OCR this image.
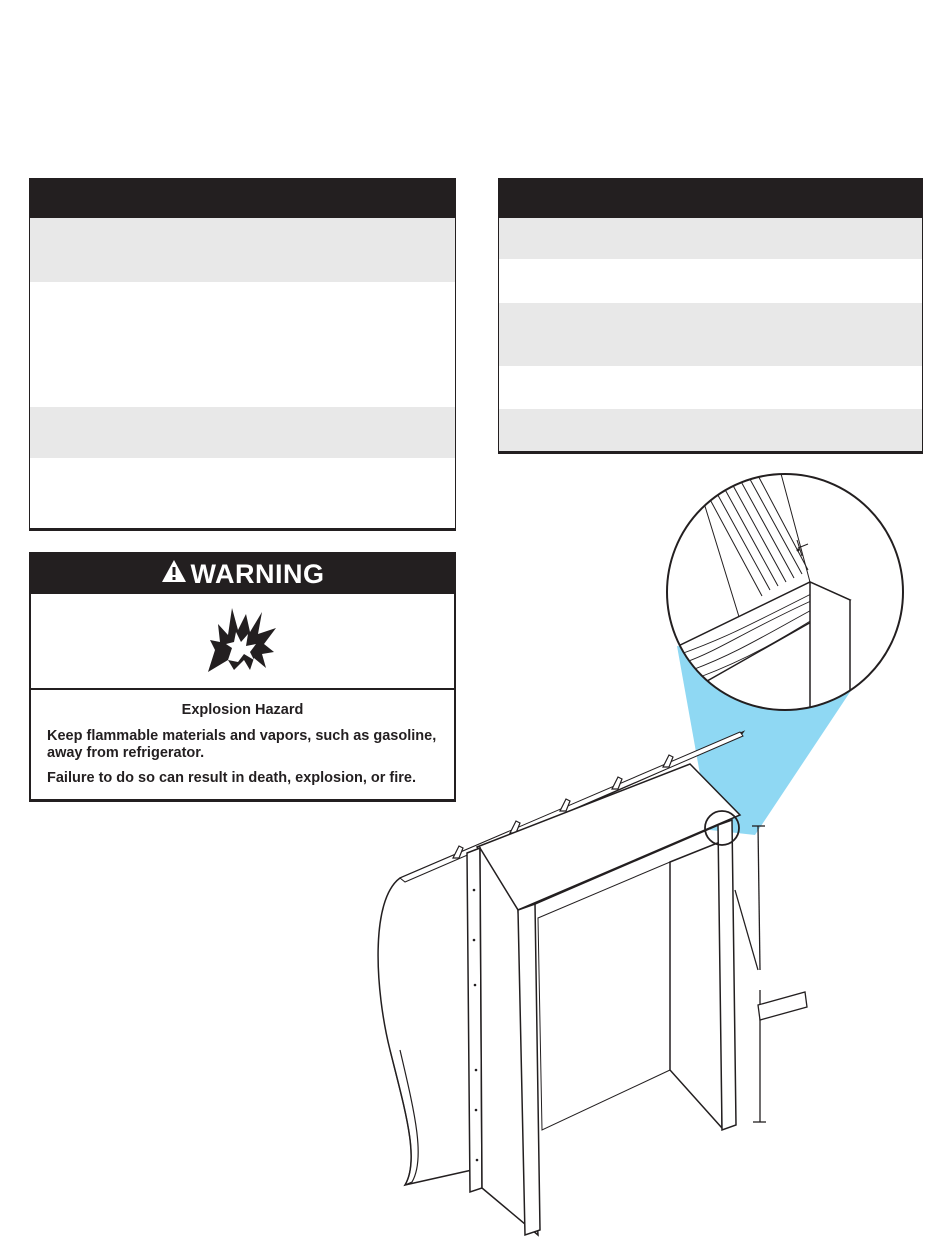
WARNING
Explosion Hazard

Keep flammable materials and vapors, such as gasoline, away from refrigerator.

Failure to do so can result in death, explosion, or fire.
